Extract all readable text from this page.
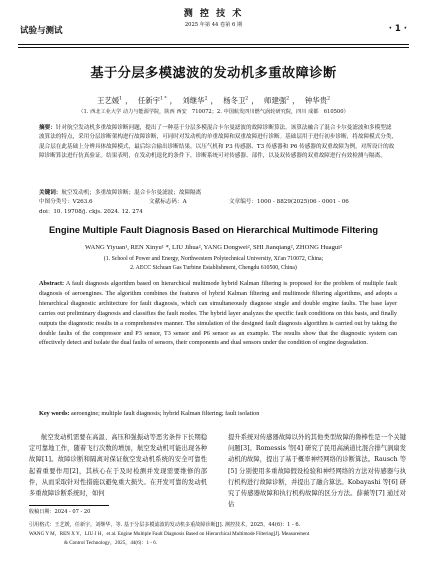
试验与测试
测 控 技 术
2025 年第 44 卷第 6 期	· 1 ·
基于分层多模滤波的发动机多重故障诊断
王艺媛$^1$ ， 任新宇$^{1 *}$ ， 刘继华$^2$ ， 杨冬卫$^2$ ， 师建强$^2$ ， 钟华贵$^2$
（1. 西北工业大学 动力与能源学院，陕西 西安　710072；2. 中国航发四川燃气涡轮研究院，四川 成都　610500）
摘要：针对航空发动机多重故障诊断问题，提出了一种基于分层多模混合卡尔曼滤波的故障诊断算法。该算法融合了混合卡尔曼滤波和多模型滤波算法的特点，采用分层诊断架构进行故障诊断，可同时对发动机的单重故障和双重故障进行诊断。基础层用于进行初步诊断，将故障模式分类，混合层在此基础上分辨具体故障模式，最后综合输出诊断结果。以压气机和 P3 传感器、T3 传感器和 P6 传感器的双重故障为例，对所设计的故障诊断算法进行仿真验证。结果表明，在发动机退化的条件下，诊断系统可对传感器、部件，以及双传感器的双重故障进行有效检测与隔离。
关键词：航空发动机；多重故障诊断；混合卡尔曼滤波；故障隔离
中图分类号：V263.6	文献标志码：A	文章编号：1000 - 8829(2025)06 - 0001 - 06
doi：10. 19708/j. ckjs. 2024. 12. 274
Engine Multiple Fault Diagnosis Based on Hierarchical Multimode Filtering
WANG Yiyuan¹, REN Xinyu¹ *, LIU Jihua², YANG Dongwei², SHI Jianqiang², ZHONG Huagui²
(1. School of Power and Energy, Northwestern Polytechnical University, Xi'an 710072, China;
2. AECC Sichuan Gas Turbine Establishment, Chengdu 610500, China)
Abstract: A fault diagnosis algorithm based on hierarchical multimode hybrid Kalman filtering is proposed for the problem of multiple fault diagnosis of aeroengines. The algorithm combines the features of hybrid Kalman filtering and multimode filtering algorithms, and adopts a hierarchical diagnostic architecture for fault diagnosis, which can simultaneously diagnose single and double engine faults. The base layer carries out preliminary diagnosis and classifies the fault modes. The hybrid layer analyzes the specific fault conditions on this basis, and finally outputs the diagnostic results in a comprehensive manner. The simulation of the designed fault diagnosis algorithm is carried out by taking the double faults of the compressor and P3 sensor, T3 sensor and P6 sensor as an example. The results show that the diagnostic system can effectively detect and isolate the dual faults of sensors, their components and dual sensors under the condition of engine degradation.
Key words: aeroengine; multiple fault diagnosis; hybrid Kalman filtering; fault isolation

航空发动机需要在高温、高压和强振动等恶劣条件下长期稳定可靠地工作，随着飞行次数的增加，航空发动机可能出现各种故障[1]。故障诊断和隔离对保证航空发动机系统的安全可靠性起着重要作用[2]，其核心在于及时检测并发现需要维修的部件，从而采取针对性措施以避免重大损失。在开发可靠的发动机多重故障诊断系统时，如何

提升系统对传感器故障以外的其他类型故障的鲁棒性是一个关键问题[3]。Romessis 等[4] 研究了民用高涵道比混合排气涡扇发动机的故障，提出了基于概率神经网络的诊断算法。Rausch 等[5] 分别使用多重故障假设检验和神经网络的方法对传感器与执行机构进行故障诊断，并提出了融合算法。Kobayashi 等[6] 研究了传感器故障和执行机构故障的区分方法。薛薇等[7] 通过对估

收稿日期：2024 - 07 - 20
引用格式：王艺媛，任新宇，刘继华，等. 基于分层多模滤波的发动机多重故障诊断[J]. 测控技术，2025，44(6)：1 - 6.
WANG Y M，REN X Y，LIU J H，et al. Engine Multiple Fault Diagnosis Based on Hierarchical Multimode Filtering[J]. Measurement
& Control Technology，2025，44(6)：1 - 6.
